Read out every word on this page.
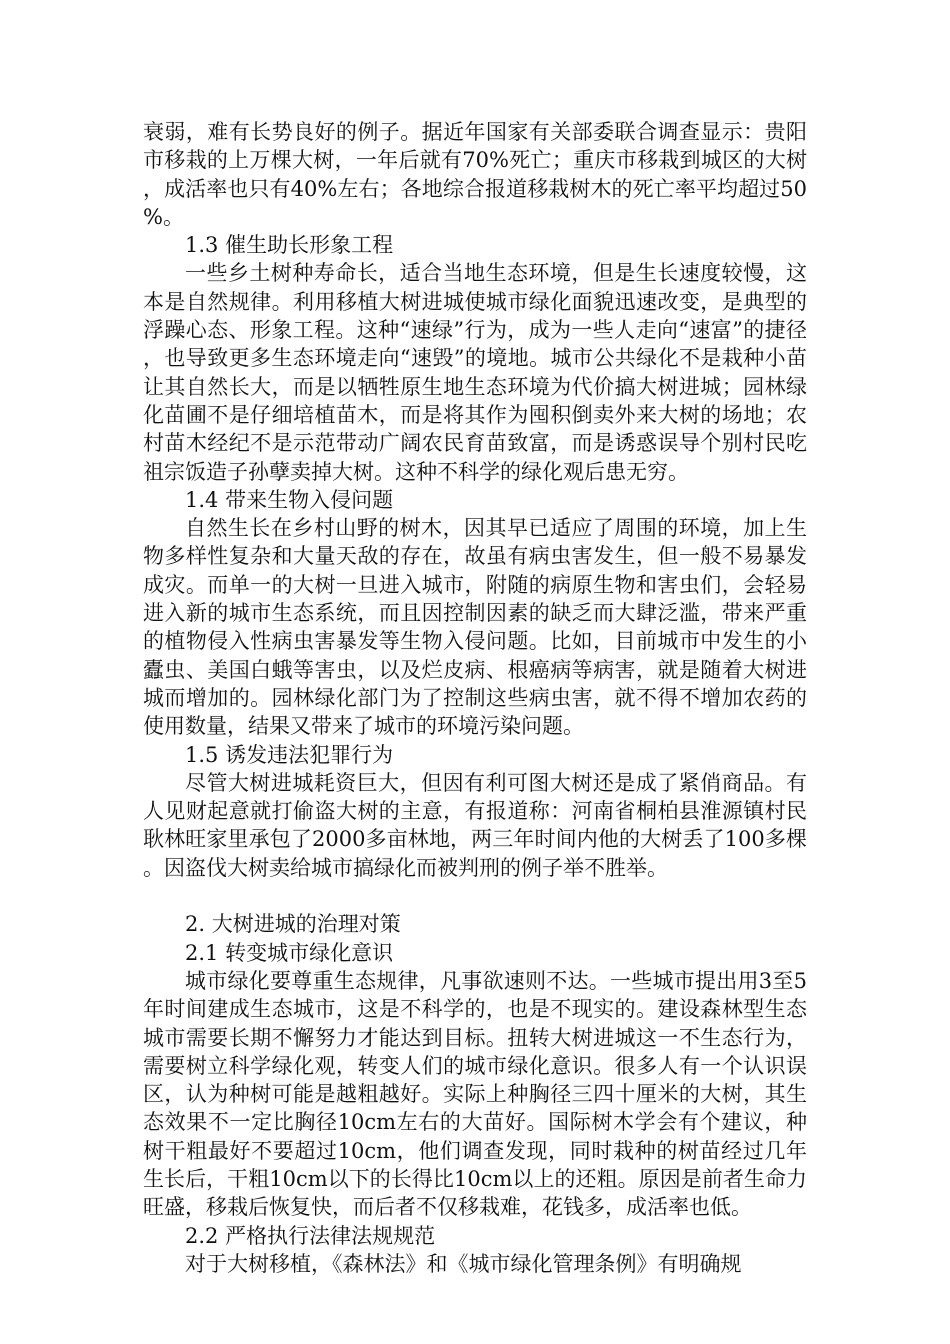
衰弱，难有长势良好的例子。据近年国家有关部委联合调查显示：贵阳市移栽的上万棵大树，一年后就有70%死亡；重庆市移栽到城区的大树，成活率也只有40%左右；各地综合报道移栽树木的死亡率平均超过50%。

1.3 催生助长形象工程

一些乡土树种寿命长，适合当地生态环境，但是生长速度较慢，这本是自然规律。利用移植大树进城使城市绿化面貌迅速改变，是典型的浮躁心态、形象工程。这种“速绿”行为，成为一些人走向“速富”的捷径，也导致更多生态环境走向“速毁”的境地。城市公共绿化不是栽种小苗让其自然长大，而是以牺牲原生地生态环境为代价搞大树进城；园林绿化苗圃不是仔细培植苗木，而是将其作为囤积倒卖外来大树的场地；农村苗木经纪不是示范带动广阔农民育苗致富，而是诱惑误导个别村民吃祖宗饭造子孙孽卖掉大树。这种不科学的绿化观后患无穷。

1.4 带来生物入侵问题

自然生长在乡村山野的树木，因其早已适应了周围的环境，加上生物多样性复杂和大量天敌的存在，故虽有病虫害发生，但一般不易暴发成灾。而单一的大树一旦进入城市，附随的病原生物和害虫们，会轻易进入新的城市生态系统，而且因控制因素的缺乏而大肆泛滥，带来严重的植物侵入性病虫害暴发等生物入侵问题。比如，目前城市中发生的小蠹虫、美国白蛾等害虫，以及烂皮病、根癌病等病害，就是随着大树进城而增加的。园林绿化部门为了控制这些病虫害，就不得不增加农药的使用数量，结果又带来了城市的环境污染问题。

1.5 诱发违法犯罪行为

尽管大树进城耗资巨大，但因有利可图大树还是成了紧俏商品。有人见财起意就打偷盗大树的主意，有报道称：河南省桐柏县淮源镇村民耿林旺家里承包了2000多亩林地，两三年时间内他的大树丢了100多棵。因盗伐大树卖给城市搞绿化而被判刑的例子举不胜举。

2. 大树进城的治理对策

2.1 转变城市绿化意识

城市绿化要尊重生态规律，凡事欲速则不达。一些城市提出用3至5年时间建成生态城市，这是不科学的，也是不现实的。建设森林型生态城市需要长期不懈努力才能达到目标。扭转大树进城这一不生态行为，需要树立科学绿化观，转变人们的城市绿化意识。很多人有一个认识误区，认为种树可能是越粗越好。实际上种胸径三四十厘米的大树，其生态效果不一定比胸径10cm左右的大苗好。国际树木学会有个建议，种树干粗最好不要超过10cm，他们调查发现，同时栽种的树苗经过几年生长后，干粗10cm以下的长得比10cm以上的还粗。原因是前者生命力旺盛，移栽后恢复快，而后者不仅移栽难，花钱多，成活率也低。

2.2 严格执行法律法规规范

对于大树移植，《森林法》和《城市绿化管理条例》有明确规
